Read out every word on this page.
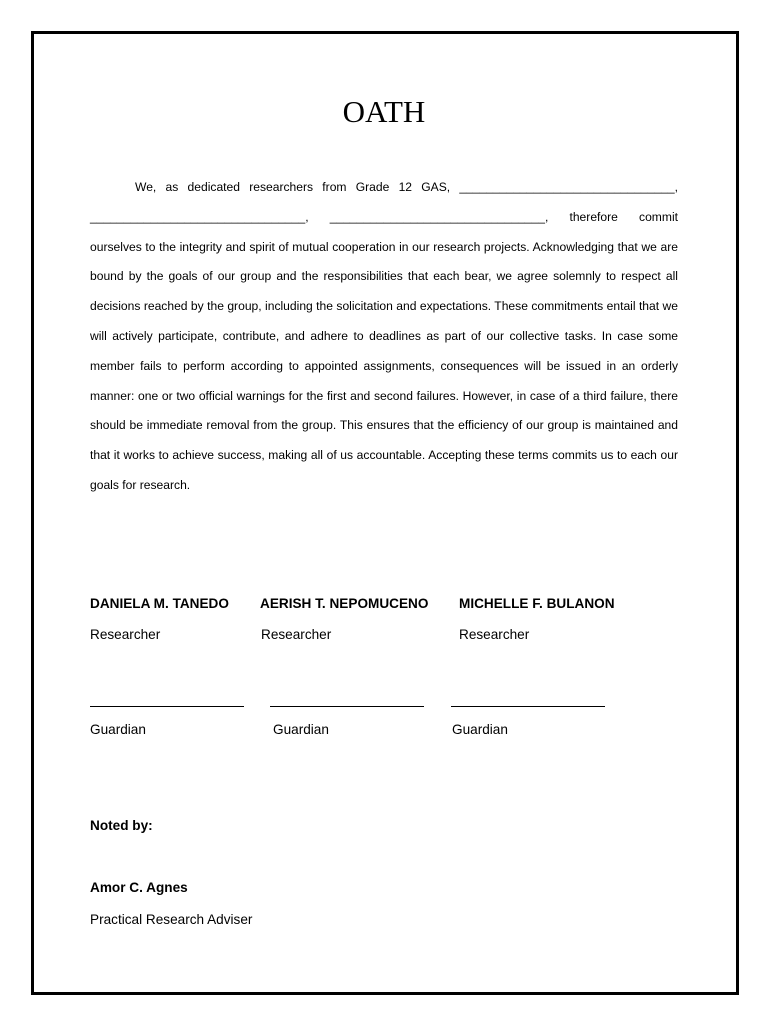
OATH

We, as dedicated researchers from Grade 12 GAS, ________________________________, ________________________________, ________________________________, therefore commit ourselves to the integrity and spirit of mutual cooperation in our research projects. Acknowledging that we are bound by the goals of our group and the responsibilities that each bear, we agree solemnly to respect all decisions reached by the group, including the solicitation and expectations. These commitments entail that we will actively participate, contribute, and adhere to deadlines as part of our collective tasks. In case some member fails to perform according to appointed assignments, consequences will be issued in an orderly manner: one or two official warnings for the first and second failures. However, in case of a third failure, there should be immediate removal from the group. This ensures that the efficiency of our group is maintained and that it works to achieve success, making all of us accountable. Accepting these terms commits us to each our goals for research.

DANIELA M. TANEDO
Researcher
AERISH T. NEPOMUCENO
Researcher
MICHELLE F. BULANON
Researcher
Guardian	Guardian	Guardian
Noted by:
Amor C. Agnes
Practical Research Adviser
